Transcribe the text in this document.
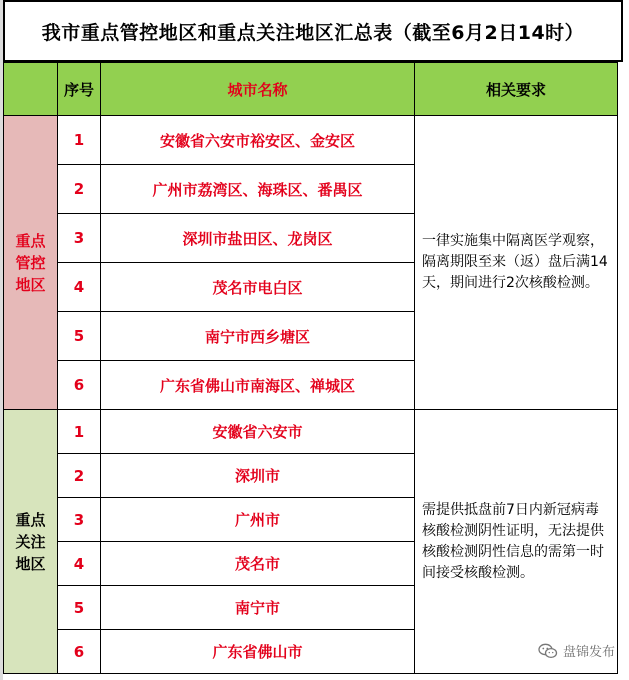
我市重点管控地区和重点关注地区汇总表（截至6月2日14时）
	序号	城市名称	相关要求
重点
管控
地区	1	安徽省六安市裕安区、金安区	一律实施集中隔离医学观察，隔离期限至来（返）盘后满14天，期间进行2次核酸检测。
	2	广州市荔湾区、海珠区、番禺区	
	3	深圳市盐田区、龙岗区	
	4	茂名市电白区	
	5	南宁市西乡塘区	
	6	广东省佛山市南海区、禅城区	
重点
关注
地区	1	安徽省六安市	需提供抵盘前7日内新冠病毒核酸检测阴性证明，无法提供核酸检测阴性信息的需第一时间接受核酸检测。
	2	深圳市	
	3	广州市	
	4	茂名市	
	5	南宁市	
	6	广东省佛山市		盘锦发布
